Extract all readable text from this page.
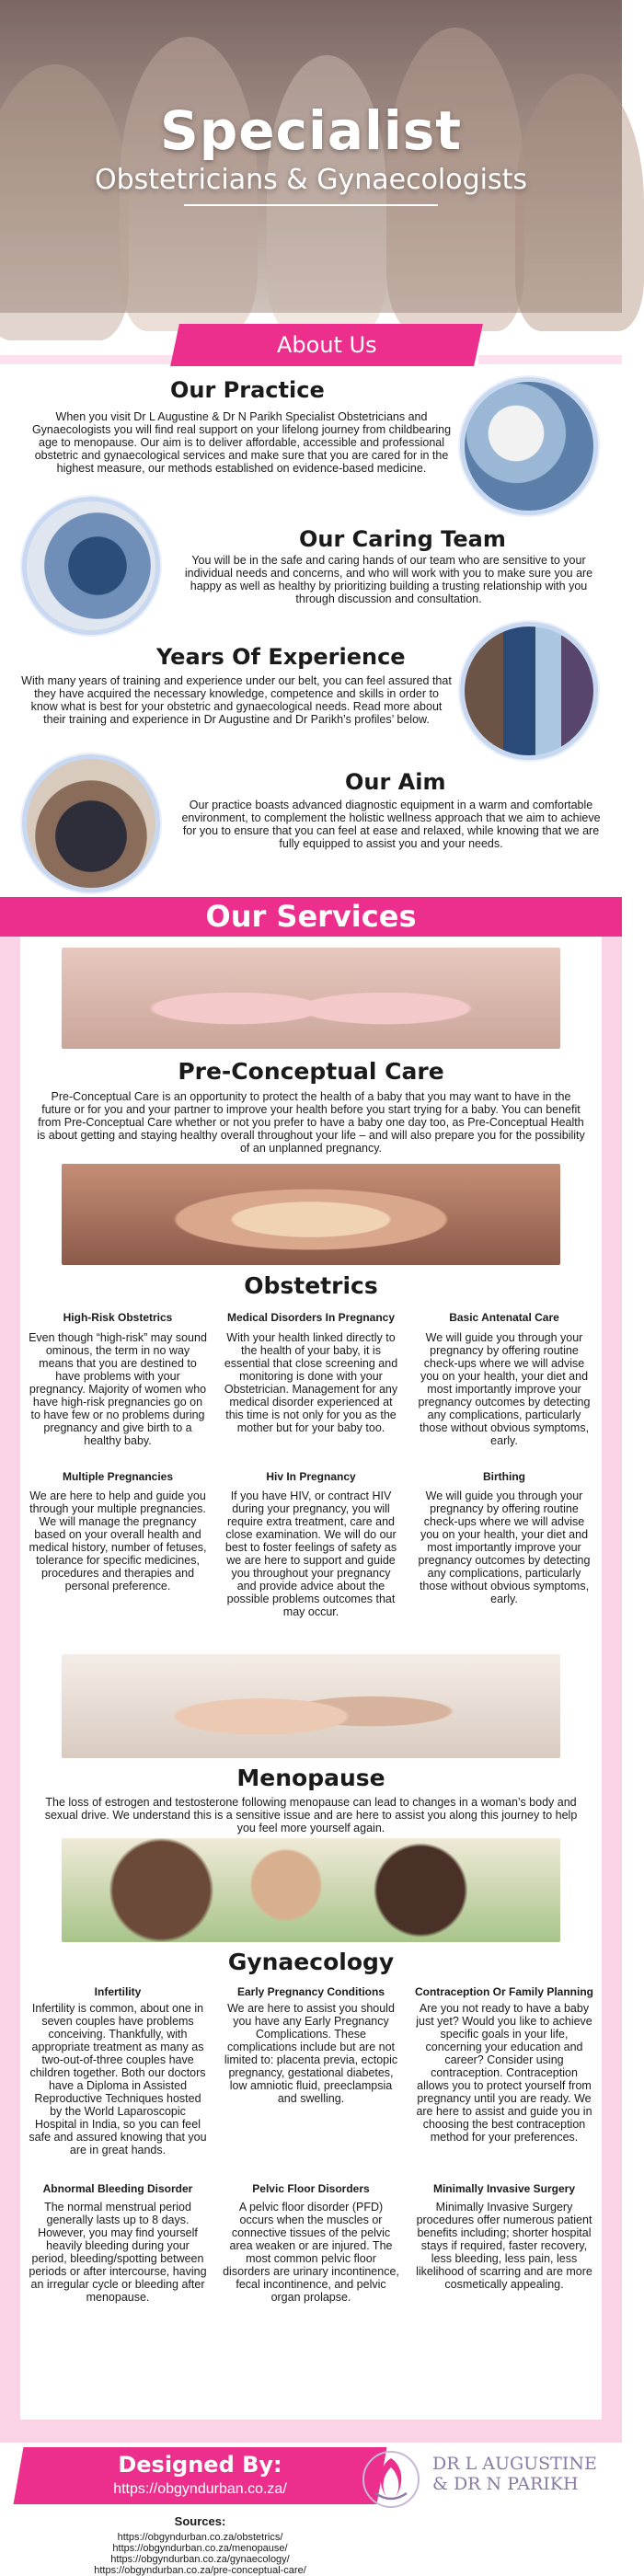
Specialist
Obstetricians & Gynaecologists
About Us
Our Practice

When you visit Dr L Augustine & Dr N Parikh Specialist Obstetricians and Gynaecologists you will find real support on your lifelong journey from childbearing age to menopause. Our aim is to deliver affordable, accessible and professional obstetric and gynaecological services and make sure that you are cared for in the highest measure, our methods established on evidence-based medicine.

Our Caring Team

You will be in the safe and caring hands of our team who are sensitive to your individual needs and concerns, and who will work with you to make sure you are happy as well as healthy by prioritizing building a trusting relationship with you through discussion and consultation.

Years Of Experience

With many years of training and experience under our belt, you can feel assured that they have acquired the necessary knowledge, competence and skills in order to know what is best for your obstetric and gynaecological needs. Read more about their training and experience in Dr Augustine and Dr Parikh’s profiles’ below.

Our Aim

Our practice boasts advanced diagnostic equipment in a warm and comfortable environment, to complement the holistic wellness approach that we aim to achieve for you to ensure that you can feel at ease and relaxed, while knowing that we are fully equipped to assist you and your needs.

Our Services
Pre-Conceptual Care

Pre-Conceptual Care is an opportunity to protect the health of a baby that you may want to have in the future or for you and your partner to improve your health before you start trying for a baby. You can benefit from Pre-Conceptual Care whether or not you prefer to have a baby one day too, as Pre-Conceptual Health is about getting and staying healthy overall throughout your life – and will also prepare you for the possibility of an unplanned pregnancy.

Obstetrics
High-Risk Obstetrics
Even though “high-risk” may sound ominous, the term in no way means that you are destined to have problems with your pregnancy. Majority of women who have high-risk pregnancies go on to have few or no problems during pregnancy and give birth to a healthy baby.
Medical Disorders In Pregnancy
With your health linked directly to the health of your baby, it is essential that close screening and monitoring is done with your Obstetrician. Management for any medical disorder experienced at this time is not only for you as the mother but for your baby too.
Basic Antenatal Care
We will guide you through your pregnancy by offering routine check-ups where we will advise you on your health, your diet and most importantly improve your pregnancy outcomes by detecting any complications, particularly those without obvious symptoms, early.
Multiple Pregnancies
We are here to help and guide you through your multiple pregnancies. We will manage the pregnancy based on your overall health and medical history, number of fetuses, tolerance for specific medicines, procedures and therapies and personal preference.
Hiv In Pregnancy
If you have HIV, or contract HIV during your pregnancy, you will require extra treatment, care and close examination. We will do our best to foster feelings of safety as we are here to support and guide you throughout your pregnancy and provide advice about the possible problems outcomes that may occur.
Birthing
We will guide you through your pregnancy by offering routine check-ups where we will advise you on your health, your diet and most importantly improve your pregnancy outcomes by detecting any complications, particularly those without obvious symptoms, early.
Menopause

The loss of estrogen and testosterone following menopause can lead to changes in a woman’s body and sexual drive. We understand this is a sensitive issue and are here to assist you along this journey to help you feel more yourself again.

Gynaecology
Infertility
Infertility is common, about one in seven couples have problems conceiving. Thankfully, with appropriate treatment as many as two-out-of-three couples have children together. Both our doctors have a Diploma in Assisted Reproductive Techniques hosted by the World Laparoscopic Hospital in India, so you can feel safe and assured knowing that you are in great hands.
Early Pregnancy Conditions
We are here to assist you should you have any Early Pregnancy Complications. These complications include but are not limited to: placenta previa, ectopic pregnancy, gestational diabetes, low amniotic fluid, preeclampsia and swelling.
Contraception Or Family Planning
Are you not ready to have a baby just yet? Would you like to achieve specific goals in your life, concerning your education and career? Consider using contraception. Contraception allows you to protect yourself from pregnancy until you are ready. We are here to assist and guide you in choosing the best contraception method for your preferences.
Abnormal Bleeding Disorder
The normal menstrual period generally lasts up to 8 days. However, you may find yourself heavily bleeding during your period, bleeding/spotting between periods or after intercourse, having an irregular cycle or bleeding after menopause.
Pelvic Floor Disorders
A pelvic floor disorder (PFD) occurs when the muscles or connective tissues of the pelvic area weaken or are injured. The most common pelvic floor disorders are urinary incontinence, fecal incontinence, and pelvic organ prolapse.
Minimally Invasive Surgery
Minimally Invasive Surgery procedures offer numerous patient benefits including; shorter hospital stays if required, faster recovery, less bleeding, less pain, less likelihood of scarring and are more cosmetically appealing.
Designed By:
https://obgyndurban.co.za/
Sources:
DR L AUGUSTINE
& DR N PARIKH
https://obgyndurban.co.za/obstetrics/
https://obgyndurban.co.za/menopause/
https://obgyndurban.co.za/gynaecology/
https://obgyndurban.co.za/pre-conceptual-care/
